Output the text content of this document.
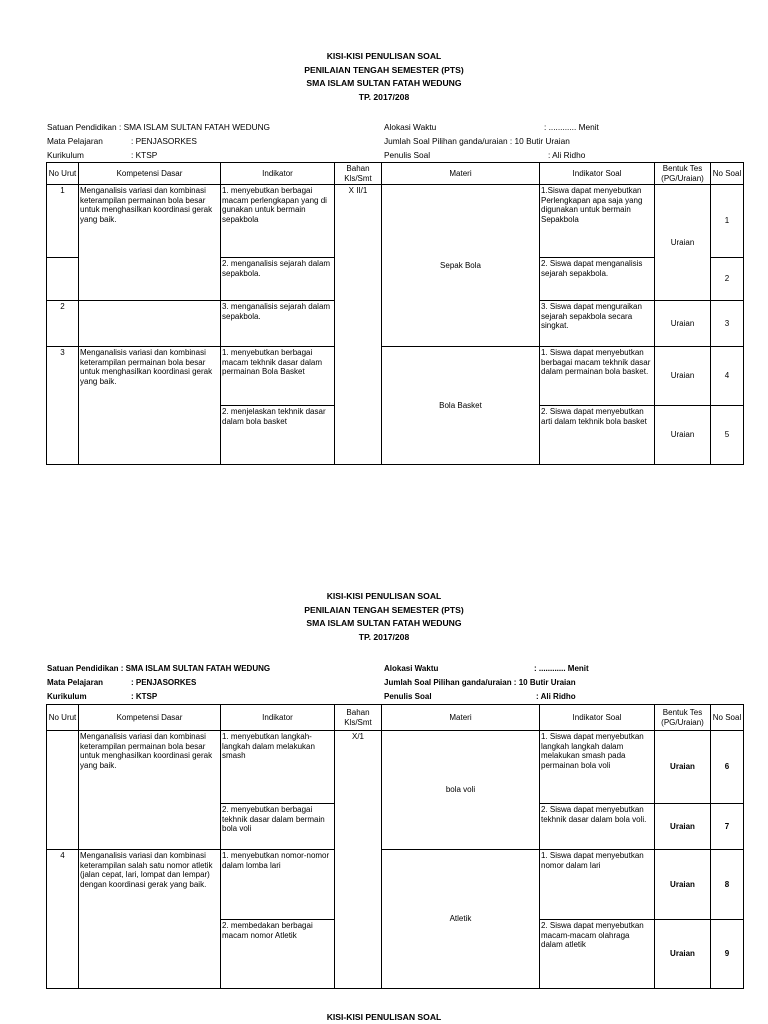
KISI-KISI PENULISAN SOAL
PENILAIAN TENGAH SEMESTER (PTS)
SMA ISLAM SULTAN FATAH WEDUNG
TP. 2017/208
Satuan Pendidikan : SMA ISLAM SULTAN FATAH WEDUNG
Mata Pelajaran	: PENJASORKES
Kurikulum	: KTSP
Alokasi Waktu	: ............ Menit
Jumlah Soal Pilihan ganda/uraian : 10 Butir Uraian
Penulis Soal	: Ali Ridho
No Urut	Kompetensi Dasar	Indikator	Bahan Kls/Smt	Materi	Indikator Soal	Bentuk Tes (PG/Uraian)	No Soal
1	Menganalisis variasi dan kombinasi keterampilan permainan bola besar untuk menghasilkan koordinasi gerak yang baik.	1. menyebutkan berbagai macam perlengkapan yang di gunakan untuk bermain sepakbola	X II/1	Sepak Bola	1.Siswa dapat menyebutkan Perlengkapan apa saja yang digunakan untuk bermain Sepakbola	Uraian	1
		2. menganalisis sejarah dalam sepakbola.			2. Siswa dapat menganalisis sejarah sepakbola.		2
2		3. menganalisis sejarah dalam sepakbola.			3. Siswa dapat menguraikan sejarah sepakbola secara singkat.	Uraian	3
3	Menganalisis variasi dan kombinasi keterampilan permainan bola besar untuk menghasilkan koordinasi gerak yang baik.	1. menyebutkan berbagai macam tekhnik dasar dalam permainan Bola Basket		Bola Basket	1. Siswa dapat menyebutkan berbagai macam tekhnik dasar dalam permainan bola basket.	Uraian	4
		2. menjelaskan tekhnik dasar dalam bola basket			2. Siswa dapat menyebutkan arti dalam tekhnik bola basket	Uraian	5
KISI-KISI PENULISAN SOAL
PENILAIAN TENGAH SEMESTER (PTS)
SMA ISLAM SULTAN FATAH WEDUNG
TP. 2017/208
Satuan Pendidikan : SMA ISLAM SULTAN FATAH WEDUNG
Mata Pelajaran	: PENJASORKES
Kurikulum	: KTSP
Alokasi Waktu	: ............ Menit
Jumlah Soal Pilihan ganda/uraian : 10 Butir Uraian
Penulis Soal	: Ali Ridho
No Urut	Kompetensi Dasar	Indikator	Bahan Kls/Smt	Materi	Indikator Soal	Bentuk Tes (PG/Uraian)	No Soal
	Menganalisis variasi dan kombinasi keterampilan permainan bola besar untuk menghasilkan koordinasi gerak yang baik.	1. menyebutkan langkah-langkah dalam melakukan smash	X/1	bola voli	1. Siswa dapat menyebutkan langkah langkah dalam melakukan smash pada permainan bola voli	Uraian	6
		2. menyebutkan berbagai tekhnik dasar dalam bermain bola voli			2. Siswa dapat menyebutkan tekhnik dasar dalam bola voli.	Uraian	7
4	Menganalisis variasi dan kombinasi keterampilan salah satu nomor atletik (jalan cepat, lari, lompat dan lempar) dengan koordinasi gerak yang baik.	1. menyebutkan nomor-nomor dalam lomba lari		Atletik	1. Siswa dapat menyebutkan nomor dalam lari	Uraian	8
		2. membedakan berbagai macam nomor Atletik			2. Siswa dapat menyebutkan macam-macam olahraga dalam atletik	Uraian	9
KISI-KISI PENULISAN SOAL
